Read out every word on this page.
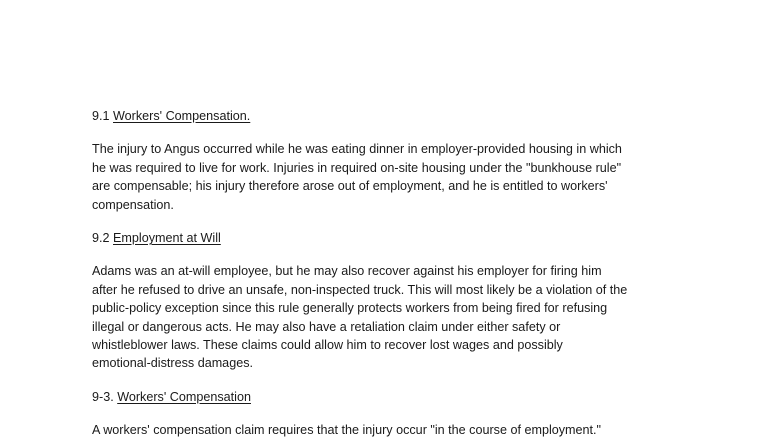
9.1 Workers' Compensation.

The injury to Angus occurred while he was eating dinner in employer-provided housing in which
he was required to live for work. Injuries in required on-site housing under the "bunkhouse rule"
are compensable; his injury therefore arose out of employment, and he is entitled to workers'
compensation.

9.2 Employment at Will

Adams was an at-will employee, but he may also recover against his employer for firing him
after he refused to drive an unsafe, non-inspected truck. This will most likely be a violation of the
public-policy exception since this rule generally protects workers from being fired for refusing
illegal or dangerous acts. He may also have a retaliation claim under either safety or
whistleblower laws. These claims could allow him to recover lost wages and possibly
emotional-distress damages.

9-3. Workers' Compensation

A workers' compensation claim requires that the injury occur "in the course of employment."
